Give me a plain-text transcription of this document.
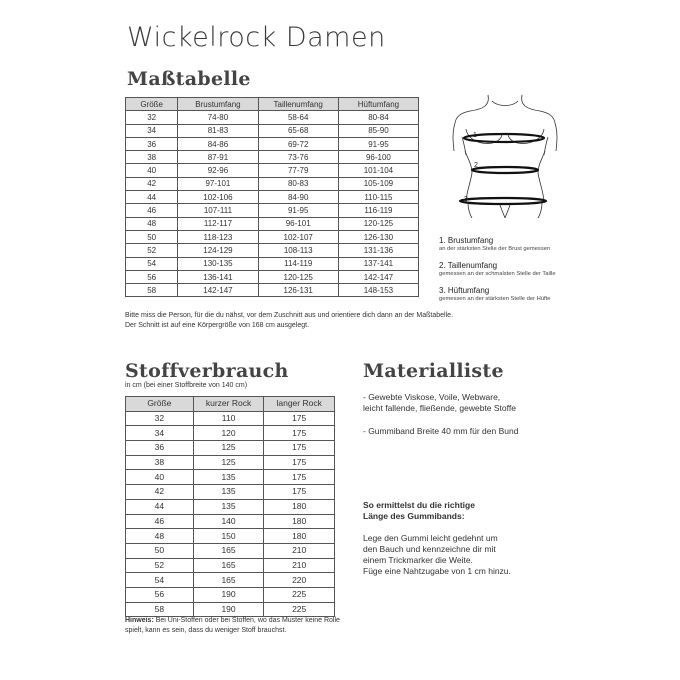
Wickelrock Damen
Maßtabelle
Größe	Brustumfang	Taillenumfang	Hüftumfang
32	74-80	58-64	80-84
34	81-83	65-68	85-90
36	84-86	69-72	91-95
38	87-91	73-76	96-100
40	92-96	77-79	101-104
42	97-101	80-83	105-109
44	102-106	84-90	110-115
46	107-111	91-95	116-119
48	112-117	96-101	120-125
50	118-123	102-107	126-130
52	124-129	108-113	131-136
54	130-135	114-119	137-141
56	136-141	120-125	142-147
58	142-147	126-131	148-153
Bitte miss die Person, für die du nähst, vor dem Zuschnitt aus und orientiere dich dann an der Maßtabelle.
Der Schnitt ist auf eine Körpergröße von 168 cm ausgelegt.
1
2
3
1. Brustumfang
an der stärksten Stelle der Brust gemessen
2. Taillenumfang
gemessen an der schmalsten Stelle der Taille
3. Hüftumfang
gemessen an der stärksten Stelle der Hüfte
Stoffverbrauch
in cm (bei einer Stoffbreite von 140 cm)
Größe	kurzer Rock	langer Rock
32	110	175
34	120	175
36	125	175
38	125	175
40	135	175
42	135	175
44	135	180
46	140	180
48	150	180
50	165	210
52	165	210
54	165	220
56	190	225
58	190	225
Hinweis: Bei Uni-Stoffen oder bei Stoffen, wo das Muster keine Rolle
spielt, kann es sein, dass du weniger Stoff brauchst.
Materialliste
- Gewebte Viskose, Voile, Webware,
leicht fallende, fließende, gewebte Stoffe
- Gummiband Breite 40 mm für den Bund
So ermittelst du die richtige
Länge des Gummibands:
Lege den Gummi leicht gedehnt um
den Bauch und kennzeichne dir mit
einem Trickmarker die Weite.
Füge eine Nahtzugabe von 1 cm hinzu.
